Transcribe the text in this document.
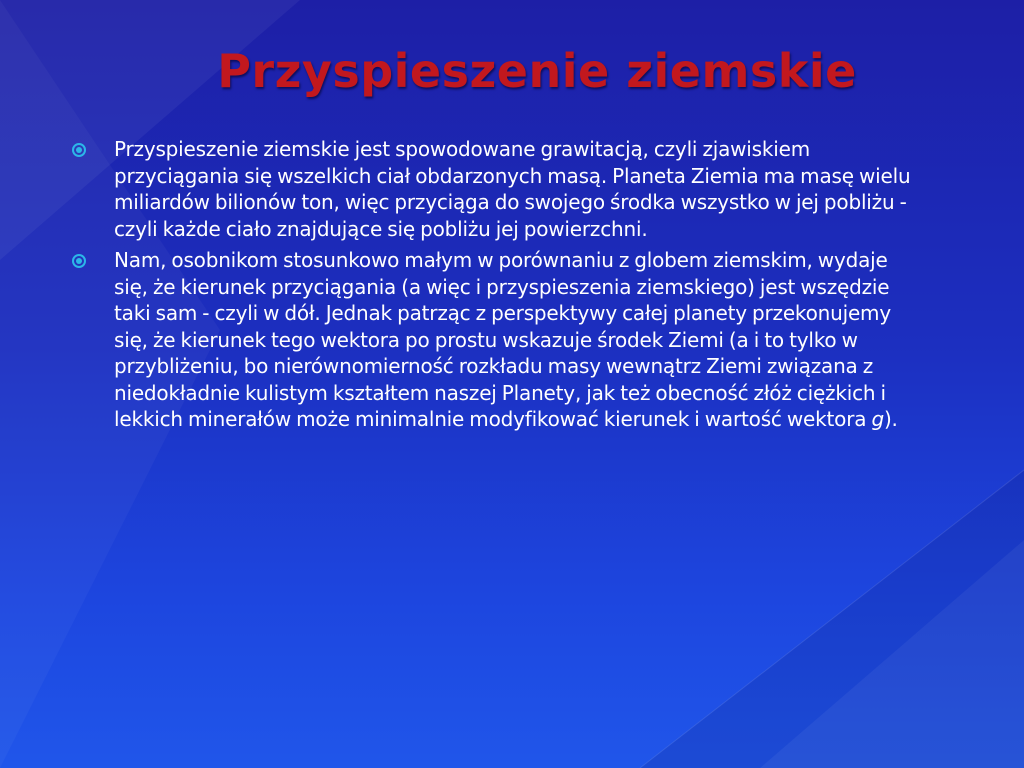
Przyspieszenie ziemskie
Przyspieszenie ziemskie jest spowodowane grawitacją, czyli zjawiskiem przyciągania się wszelkich ciał obdarzonych masą. Planeta Ziemia ma masę wielu miliardów bilionów ton, więc przyciąga do swojego środka wszystko w jej pobliżu - czyli każde ciało znajdujące się pobliżu jej powierzchni.
Nam, osobnikom stosunkowo małym w porównaniu z globem ziemskim, wydaje się, że kierunek przyciągania (a więc i przyspieszenia ziemskiego) jest wszędzie taki sam - czyli w dół. Jednak patrząc z perspektywy całej planety przekonujemy się, że kierunek tego wektora po prostu wskazuje środek Ziemi (a i to tylko w przybliżeniu, bo nierównomierność rozkładu masy wewnątrz Ziemi związana z niedokładnie kulistym kształtem naszej Planety, jak też obecność złóż ciężkich i lekkich minerałów może minimalnie modyfikować kierunek i wartość wektora g).
